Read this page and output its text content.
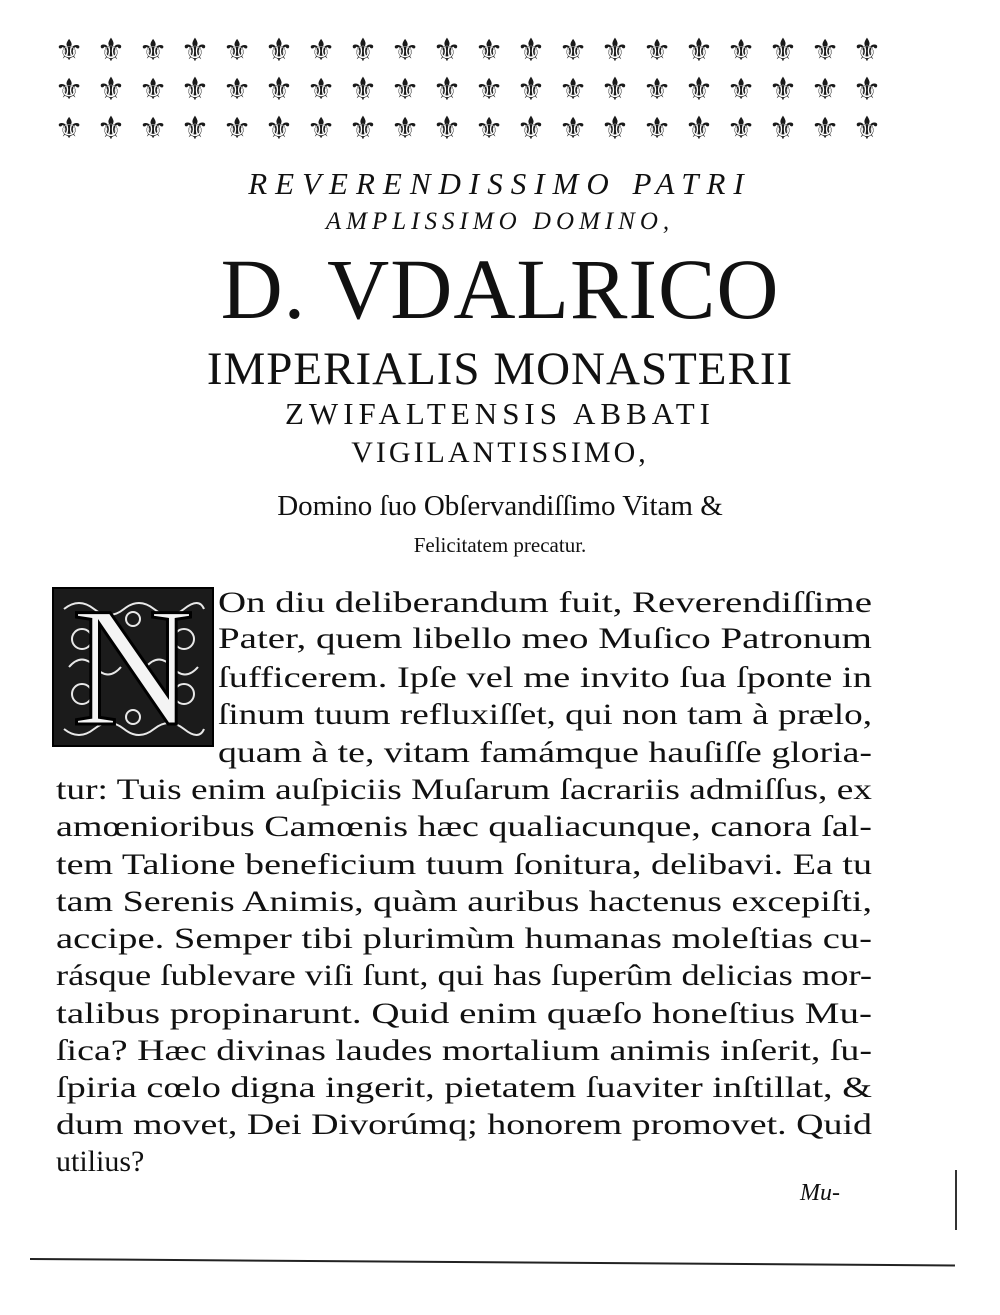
⚜ ⚜ ⚜ ⚜ ⚜ ⚜ ⚜ ⚜ ⚜ ⚜ ⚜ ⚜ ⚜ ⚜ ⚜ ⚜ ⚜ ⚜ ⚜ ⚜
⚜ ⚜ ⚜ ⚜ ⚜ ⚜ ⚜ ⚜ ⚜ ⚜ ⚜ ⚜ ⚜ ⚜ ⚜ ⚜ ⚜ ⚜ ⚜ ⚜
⚜ ⚜ ⚜ ⚜ ⚜ ⚜ ⚜ ⚜ ⚜ ⚜ ⚜ ⚜ ⚜ ⚜ ⚜ ⚜ ⚜ ⚜ ⚜ ⚜
REVERENDISSIMO PATRI
AMPLISSIMO DOMINO,
D. VDALRICO
IMPERIALIS MONASTERII
ZWIFALTENSIS ABBATI
VIGILANTISSIMO,
Domino ſuo Obſervandiſſimo Vitam &
Felicitatem precatur.
N On diu deliberandum fuit, Reverendiſſime
Pater, quem libello meo Muſico Patronum
ſufficerem. Ipſe vel me invito ſua ſponte in
ſinum tuum refluxiſſet, qui non tam à prælo,
quam à te, vitam famámque hauſiſſe gloria-
tur: Tuis enim auſpiciis Muſarum ſacrariis admiſſus, ex
amœnioribus Camœnis hæc qualiacunque, canora ſal-
tem Talione beneficium tuum ſonitura, delibavi. Ea tu
tam Serenis Animis, quàm auribus hactenus excepiſti,
accipe. Semper tibi plurimùm humanas moleſtias cu-
rásque ſublevare viſi ſunt, qui has ſuperûm delicias mor-
talibus propinarunt. Quid enim quæſo honeſtius Mu-
ſica? Hæc divinas laudes mortalium animis inſerit, ſu-
ſpiria cœlo digna ingerit, pietatem ſuaviter inſtillat, &
dum movet, Dei Divorúmq; honorem promovet. Quid
utilius?
Mu-
